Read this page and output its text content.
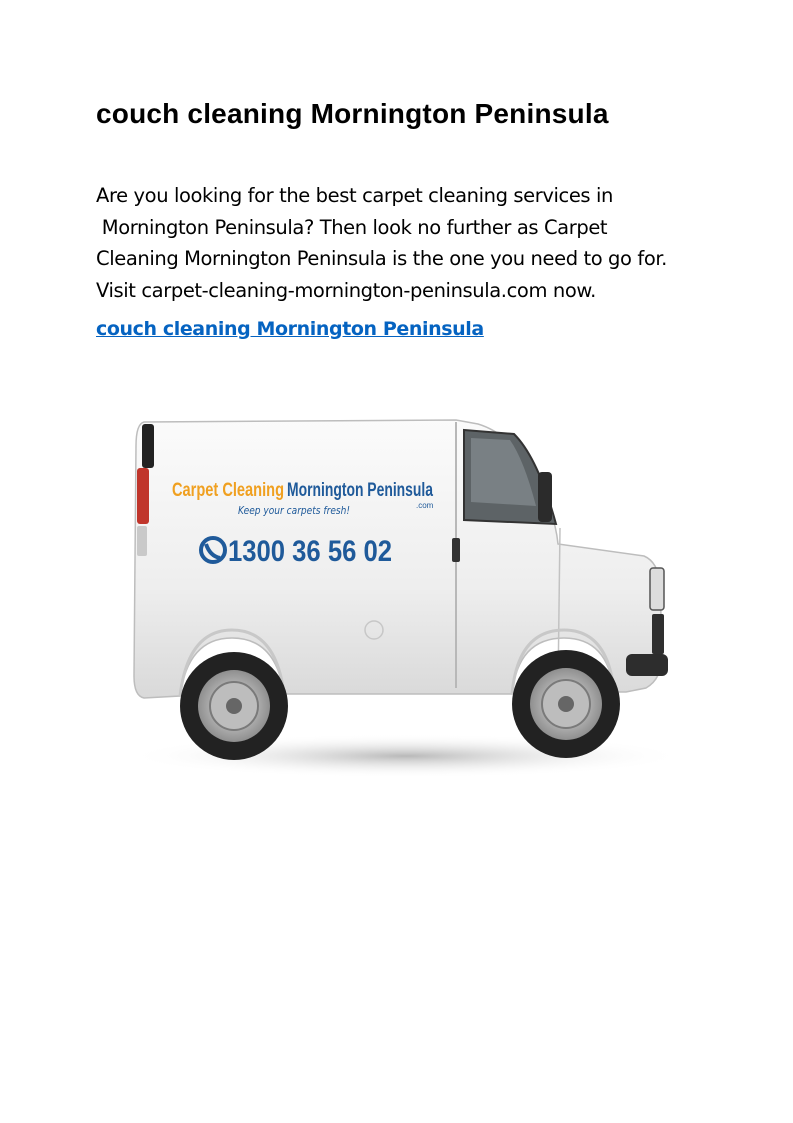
couch cleaning Mornington Peninsula

Are you looking for the best carpet cleaning services in
Mornington Peninsula? Then look no further as Carpet
Cleaning Mornington Peninsula is the one you need to go for.
Visit carpet-cleaning-mornington-peninsula.com now.

couch cleaning Mornington Peninsula
Carpet Cleaning Mornington Peninsula
.com
Keep your carpets fresh!
1300 36 56 02
